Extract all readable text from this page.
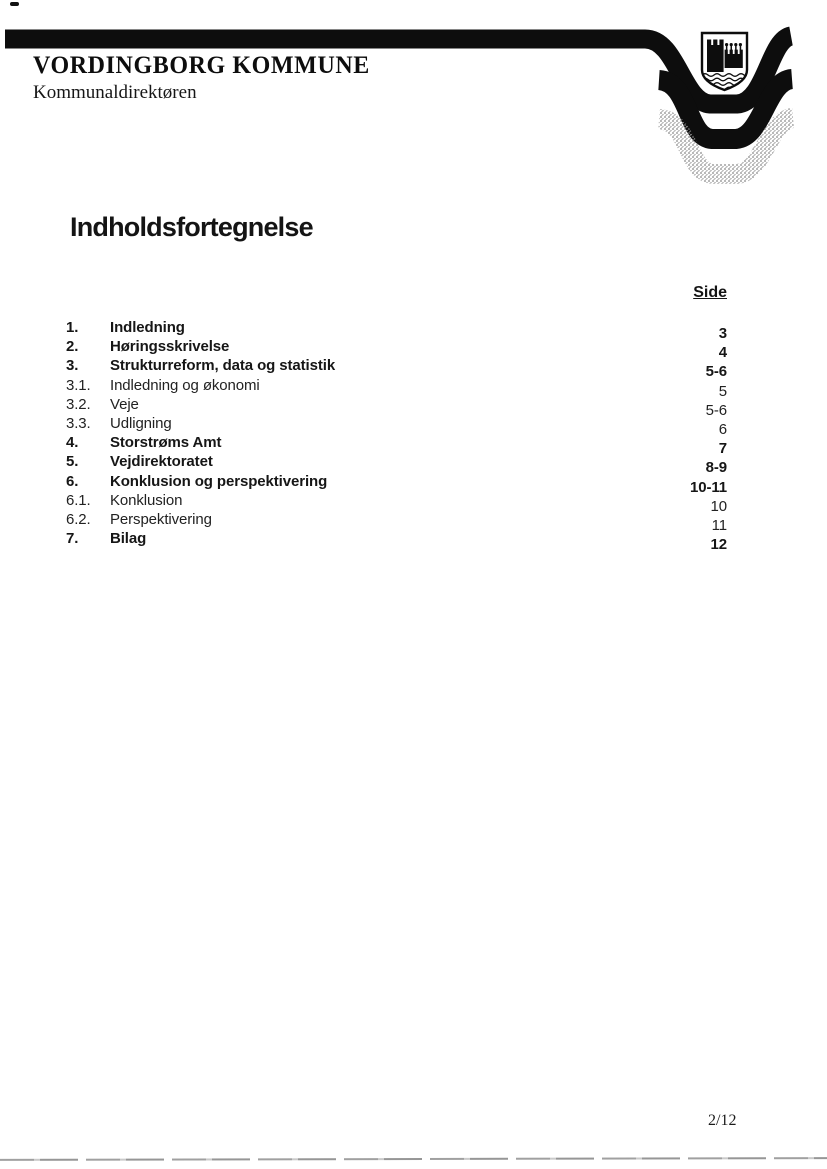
VORDINGBORG KOMMUNE
Kommunaldirektøren
Indholdsfortegnelse
Side
1.	Indledning	3
2.	Høringsskrivelse	4
3.	Strukturreform, data og statistik	5-6
3.1.	Indledning og økonomi	5
3.2.	Veje	5-6
3.3.	Udligning	6
4.	Storstrøms Amt	7
5.	Vejdirektoratet	8-9
6.	Konklusion og perspektivering	10-11
6.1.	Konklusion	10
6.2.	Perspektivering	11
7.	Bilag	12
2/12
